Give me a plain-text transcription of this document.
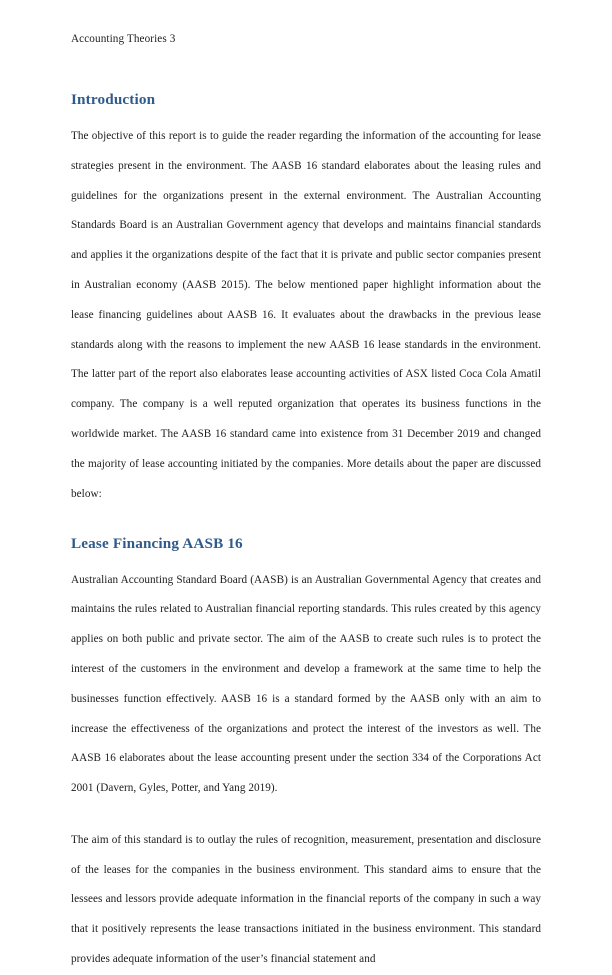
Accounting Theories 3
Introduction

The objective of this report is to guide the reader regarding the information of the accounting for lease strategies present in the environment. The AASB 16 standard elaborates about the leasing rules and guidelines for the organizations present in the external environment. The Australian Accounting Standards Board is an Australian Government agency that develops and maintains financial standards and applies it the organizations despite of the fact that it is private and public sector companies present in Australian economy (AASB 2015). The below mentioned paper highlight information about the lease financing guidelines about AASB 16. It evaluates about the drawbacks in the previous lease standards along with the reasons to implement the new AASB 16 lease standards in the environment. The latter part of the report also elaborates lease accounting activities of ASX listed Coca Cola Amatil company. The company is a well reputed organization that operates its business functions in the worldwide market. The AASB 16 standard came into existence from 31 December 2019 and changed the majority of lease accounting initiated by the companies. More details about the paper are discussed below:

Lease Financing AASB 16

Australian Accounting Standard Board (AASB) is an Australian Governmental Agency that creates and maintains the rules related to Australian financial reporting standards. This rules created by this agency applies on both public and private sector. The aim of the AASB to create such rules is to protect the interest of the customers in the environment and develop a framework at the same time to help the businesses function effectively. AASB 16 is a standard formed by the AASB only with an aim to increase the effectiveness of the organizations and protect the interest of the investors as well. The AASB 16 elaborates about the lease accounting present under the section 334 of the Corporations Act 2001 (Davern, Gyles, Potter, and Yang 2019).

The aim of this standard is to outlay the rules of recognition, measurement, presentation and disclosure of the leases for the companies in the business environment. This standard aims to ensure that the lessees and lessors provide adequate information in the financial reports of the company in such a way that it positively represents the lease transactions initiated in the business environment. This standard provides adequate information of the user’s financial statement and
